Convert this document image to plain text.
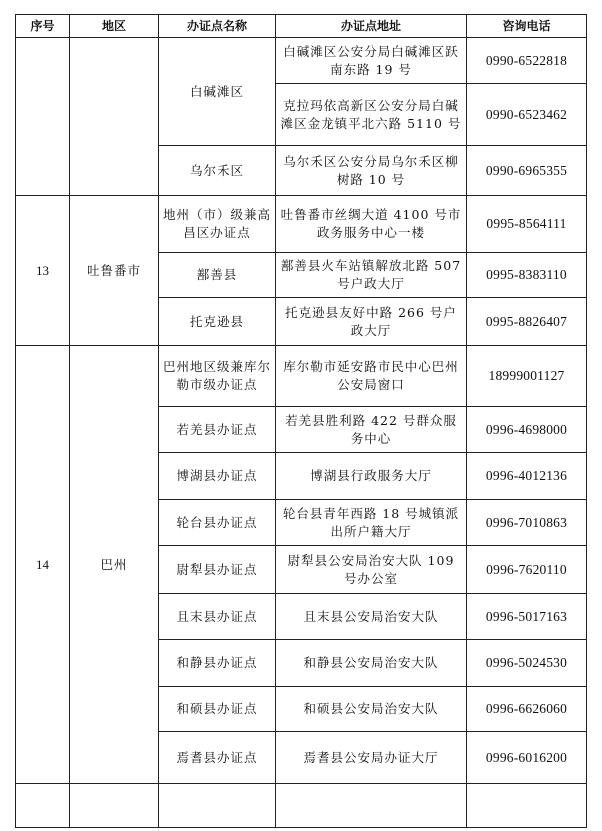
序号	地区	办证点名称	办证点地址	咨询电话
		白碱滩区	白碱滩区公安分局白碱滩区跃南东路 19 号	0990-6522818
			克拉玛依高新区公安分局白碱滩区金龙镇平北六路 5110 号	0990-6523462
		乌尔禾区	乌尔禾区公安分局乌尔禾区柳树路 10 号	0990-6965355
13	吐鲁番市	地州（市）级兼高昌区办证点	吐鲁番市丝绸大道 4100 号市政务服务中心一楼	0995-8564111
		鄯善县	鄯善县火车站镇解放北路 507 号户政大厅	0995-8383110
		托克逊县	托克逊县友好中路 266 号户政大厅	0995-8826407
14	巴州	巴州地区级兼库尔勒市级办证点	库尔勒市延安路市民中心巴州公安局窗口	18999001127
		若羌县办证点	若羌县胜利路 422 号群众服务中心	0996-4698000
		博湖县办证点	博湖县行政服务大厅	0996-4012136
		轮台县办证点	轮台县青年西路 18 号城镇派出所户籍大厅	0996-7010863
		尉犁县办证点	尉犁县公安局治安大队 109 号办公室	0996-7620110
		且末县办证点	且末县公安局治安大队	0996-5017163
		和静县办证点	和静县公安局治安大队	0996-5024530
		和硕县办证点	和硕县公安局治安大队	0996-6626060
		焉耆县办证点	焉耆县公安局办证大厅	0996-6016200
